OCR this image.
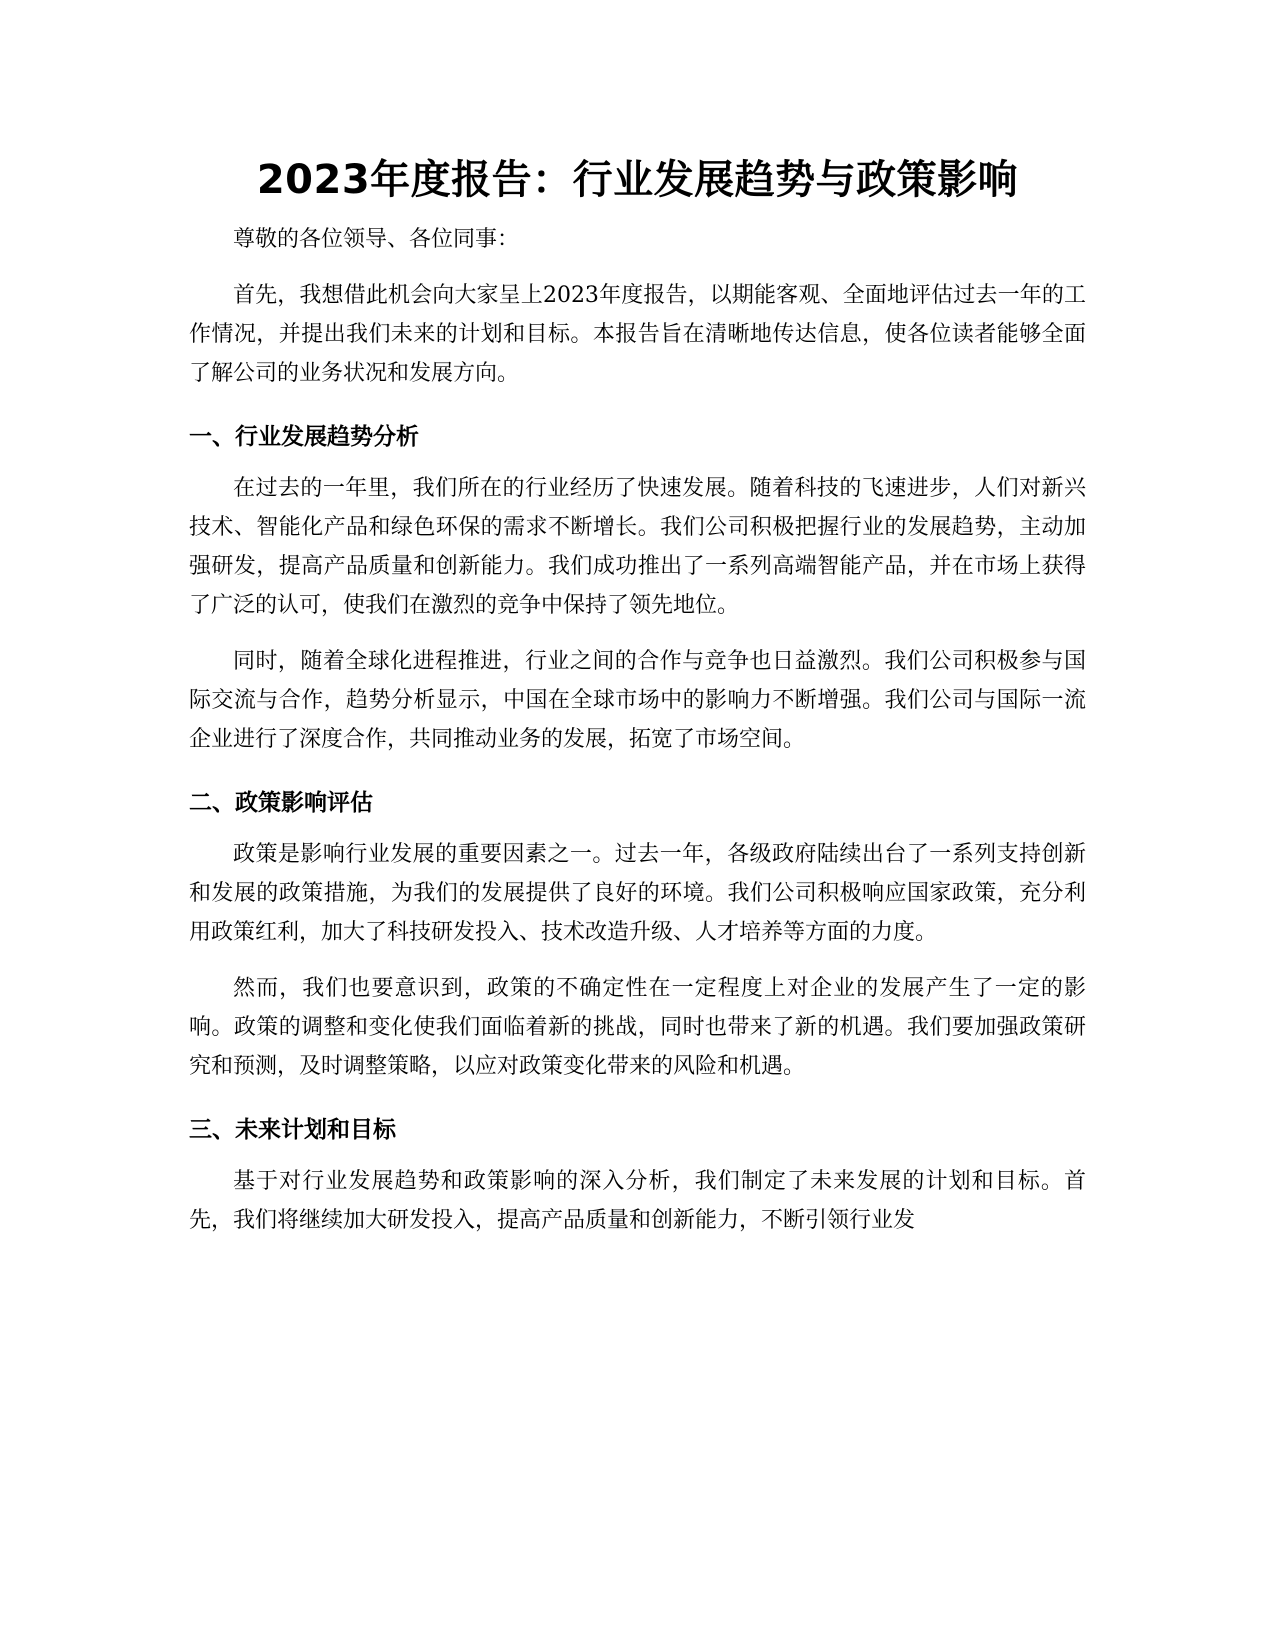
2023年度报告：行业发展趋势与政策影响

尊敬的各位领导、各位同事：

首先，我想借此机会向大家呈上2023年度报告，以期能客观、全面地评估过去一年的工作情况，并提出我们未来的计划和目标。本报告旨在清晰地传达信息，使各位读者能够全面了解公司的业务状况和发展方向。

一、行业发展趋势分析

在过去的一年里，我们所在的行业经历了快速发展。随着科技的飞速进步，人们对新兴技术、智能化产品和绿色环保的需求不断增长。我们公司积极把握行业的发展趋势，主动加强研发，提高产品质量和创新能力。我们成功推出了一系列高端智能产品，并在市场上获得了广泛的认可，使我们在激烈的竞争中保持了领先地位。

同时，随着全球化进程推进，行业之间的合作与竞争也日益激烈。我们公司积极参与国际交流与合作，趋势分析显示，中国在全球市场中的影响力不断增强。我们公司与国际一流企业进行了深度合作，共同推动业务的发展，拓宽了市场空间。

二、政策影响评估

政策是影响行业发展的重要因素之一。过去一年，各级政府陆续出台了一系列支持创新和发展的政策措施，为我们的发展提供了良好的环境。我们公司积极响应国家政策，充分利用政策红利，加大了科技研发投入、技术改造升级、人才培养等方面的力度。

然而，我们也要意识到，政策的不确定性在一定程度上对企业的发展产生了一定的影响。政策的调整和变化使我们面临着新的挑战，同时也带来了新的机遇。我们要加强政策研究和预测，及时调整策略，以应对政策变化带来的风险和机遇。

三、未来计划和目标

基于对行业发展趋势和政策影响的深入分析，我们制定了未来发展的计划和目标。首先，我们将继续加大研发投入，提高产品质量和创新能力，不断引领行业发
